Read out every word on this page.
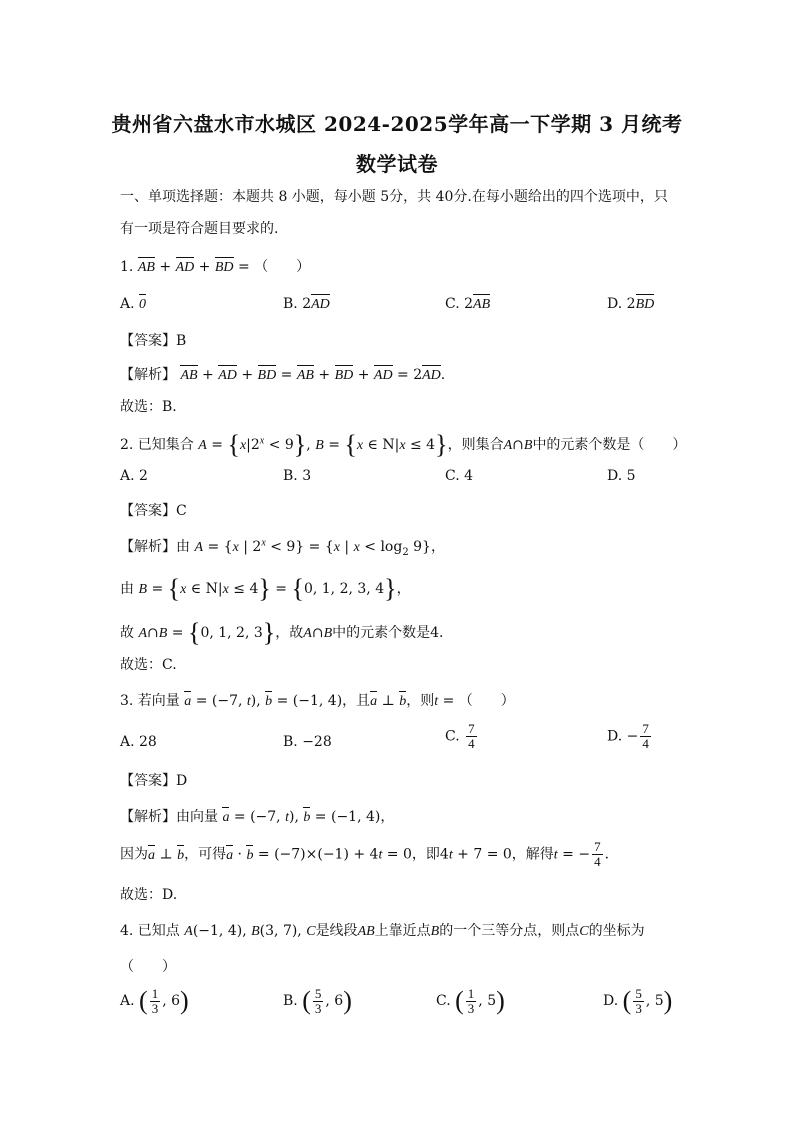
贵州省六盘水市水城区 2024-2025学年高一下学期 3 月统考
数学试卷
一、单项选择题：本题共 8 小题，每小题 5分，共 40分.在每小题给出的四个选项中，只
有一项是符合题目要求的.
1. AB + AD + BD = （　　）
A. 0	B. 2AD	C. 2AB	D. 2BD
【答案】B
【解析】 AB + AD + BD = AB + BD + AD = 2AD.
故选：B.
2. 已知集合 $A = \{x|2^x < 9\}$, B = {x ∈ N|x ≤ 4}，则集合A∩B中的元素个数是（　　）
A. 2	B. 3	C. 4	D. 5
【答案】C
【解析】由 A = {x | $2^x < 9\} = \{x$ | $x < \log_2 9$}，
由 B = {x ∈ N|x ≤ 4} = {0, 1, 2, 3, 4}，
故 A∩B = {0, 1, 2, 3}，故A∩B中的元素个数是4.
故选：C.
3. 若向量 a = (−7, t), b = (−1, 4)，且a ⊥ b，则t = （　　）
A. 28	B. −28	C. $\frac{7}{4}$	D. − $\frac{7}{4}$
【答案】D
【解析】由向量 a = (−7, t), b = (−1, 4)，
因为a ⊥ b，可得a · b = (−7)×(−1) + 4t = 0，即4t + 7 = 0，解得t = − $\frac{7}{4}$ .
故选：D.
4. 已知点 A(−1, 4), B(3, 7), C是线段AB上靠近点B的一个三等分点，则点C的坐标为
（　　）
A. ( $\frac{1}{3}$ , 6)	B. ( $\frac{5}{3}$ , 6)	C. ( $\frac{1}{3}$ , 5)	D. ( $\frac{5}{3}$ , 5)
